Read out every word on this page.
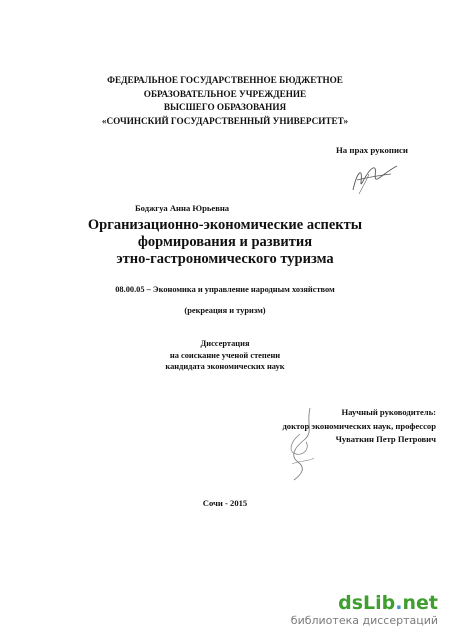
ФЕДЕРАЛЬНОЕ ГОСУДАРСТВЕННОЕ БЮДЖЕТНОЕ
ОБРАЗОВАТЕЛЬНОЕ УЧРЕЖДЕНИЕ
ВЫСШЕГО ОБРАЗОВАНИЯ
«СОЧИНСКИЙ ГОСУДАРСТВЕННЫЙ УНИВЕРСИТЕТ»
На прах рукописи
Боджгуа Анна Юрьевна
Организационно-экономические аспекты
формирования и развития
этно-гастрономического туризма
08.00.05 – Экономика и управление народным хозяйством
(рекреация и туризм)
Диссертация
на соискание ученой степени
кандидата экономических наук
Научный руководитель:
доктор экономических наук, профессор
Чуваткин Петр Петрович
Сочи - 2015
dsLib.net
библиотека диссертаций
